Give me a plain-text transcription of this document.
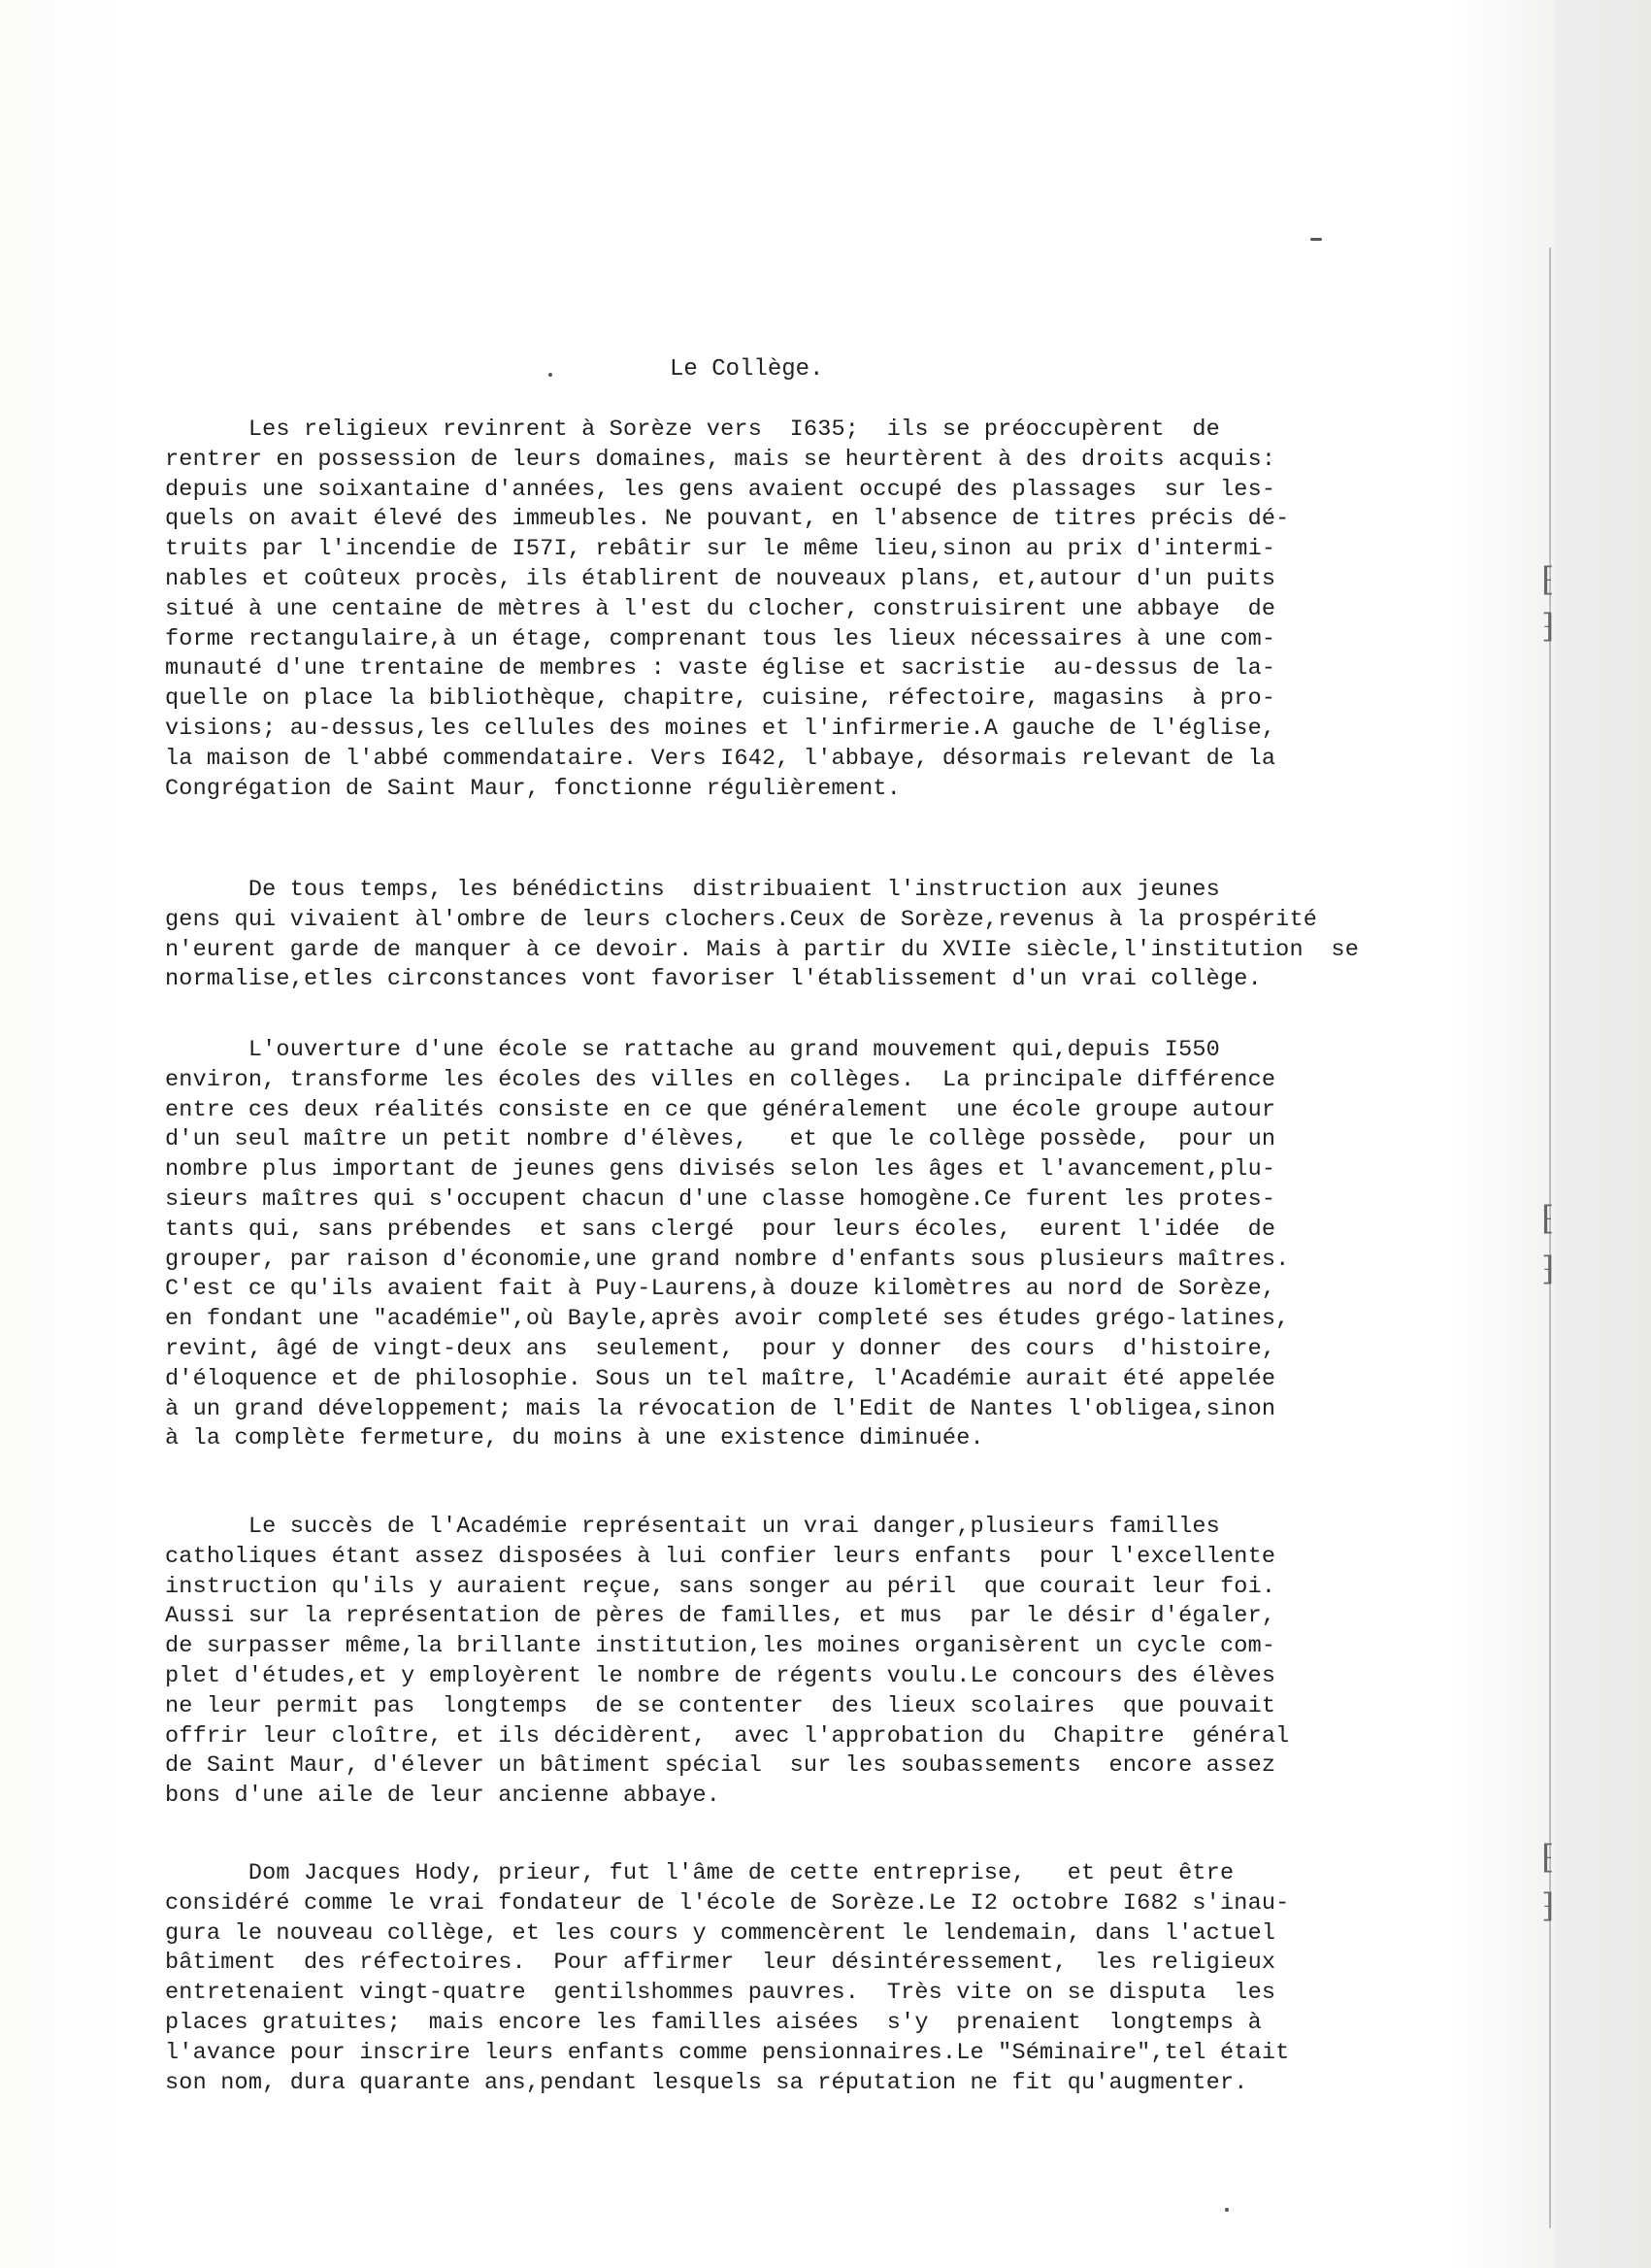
⁅
⁆
⁅
⁆
⁅
⁆
Le Collège.

Les religieux revinrent à Sorèze vers  I635;  ils se préoccupèrent  de
rentrer en possession de leurs domaines, mais se heurtèrent à des droits acquis:
depuis une soixantaine d'années, les gens avaient occupé des plassages  sur les-
quels on avait élevé des immeubles. Ne pouvant, en l'absence de titres précis dé-
truits par l'incendie de I57I, rebâtir sur le même lieu,sinon au prix d'intermi-
nables et coûteux procès, ils établirent de nouveaux plans, et,autour d'un puits
situé à une centaine de mètres à l'est du clocher, construisirent une abbaye  de
forme rectangulaire,à un étage, comprenant tous les lieux nécessaires à une com-
munauté d'une trentaine de membres : vaste église et sacristie  au-dessus de la-
quelle on place la bibliothèque, chapitre, cuisine, réfectoire, magasins  à pro-
visions; au-dessus,les cellules des moines et l'infirmerie.A gauche de l'église,
la maison de l'abbé commendataire. Vers I642, l'abbaye, désormais relevant de la
Congrégation de Saint Maur, fonctionne régulièrement.

De tous temps, les bénédictins  distribuaient l'instruction aux jeunes
gens qui vivaient àl'ombre de leurs clochers.Ceux de Sorèze,revenus à la prospérité
n'eurent garde de manquer à ce devoir. Mais à partir du XVIIe siècle,l'institution  se
normalise,etles circonstances vont favoriser l'établissement d'un vrai collège.

L'ouverture d'une école se rattache au grand mouvement qui,depuis I550
environ, transforme les écoles des villes en collèges.  La principale différence
entre ces deux réalités consiste en ce que généralement  une école groupe autour
d'un seul maître un petit nombre d'élèves,   et que le collège possède,  pour un
nombre plus important de jeunes gens divisés selon les âges et l'avancement,plu-
sieurs maîtres qui s'occupent chacun d'une classe homogène.Ce furent les protes-
tants qui, sans prébendes  et sans clergé  pour leurs écoles,  eurent l'idée  de
grouper, par raison d'économie,une grand nombre d'enfants sous plusieurs maîtres.
C'est ce qu'ils avaient fait à Puy-Laurens,à douze kilomètres au nord de Sorèze,
en fondant une "académie",où Bayle,après avoir completé ses études grégo-latines,
revint, âgé de vingt-deux ans  seulement,  pour y donner  des cours  d'histoire,
d'éloquence et de philosophie. Sous un tel maître, l'Académie aurait été appelée
à un grand développement; mais la révocation de l'Edit de Nantes l'obligea,sinon
à la complète fermeture, du moins à une existence diminuée.

Le succès de l'Académie représentait un vrai danger,plusieurs familles
catholiques étant assez disposées à lui confier leurs enfants  pour l'excellente
instruction qu'ils y auraient reçue, sans songer au péril  que courait leur foi.
Aussi sur la représentation de pères de familles, et mus  par le désir d'égaler,
de surpasser même,la brillante institution,les moines organisèrent un cycle com-
plet d'études,et y employèrent le nombre de régents voulu.Le concours des élèves
ne leur permit pas  longtemps  de se contenter  des lieux scolaires  que pouvait
offrir leur cloître, et ils décidèrent,  avec l'approbation du  Chapitre  général
de Saint Maur, d'élever un bâtiment spécial  sur les soubassements  encore assez
bons d'une aile de leur ancienne abbaye.

Dom Jacques Hody, prieur, fut l'âme de cette entreprise,   et peut être
considéré comme le vrai fondateur de l'école de Sorèze.Le I2 octobre I682 s'inau-
gura le nouveau collège, et les cours y commencèrent le lendemain, dans l'actuel
bâtiment  des réfectoires.  Pour affirmer  leur désintéressement,  les religieux
entretenaient vingt-quatre  gentilshommes pauvres.  Très vite on se disputa  les
places gratuites;  mais encore les familles aisées  s'y  prenaient  longtemps à
l'avance pour inscrire leurs enfants comme pensionnaires.Le "Séminaire",tel était
son nom, dura quarante ans,pendant lesquels sa réputation ne fit qu'augmenter.
